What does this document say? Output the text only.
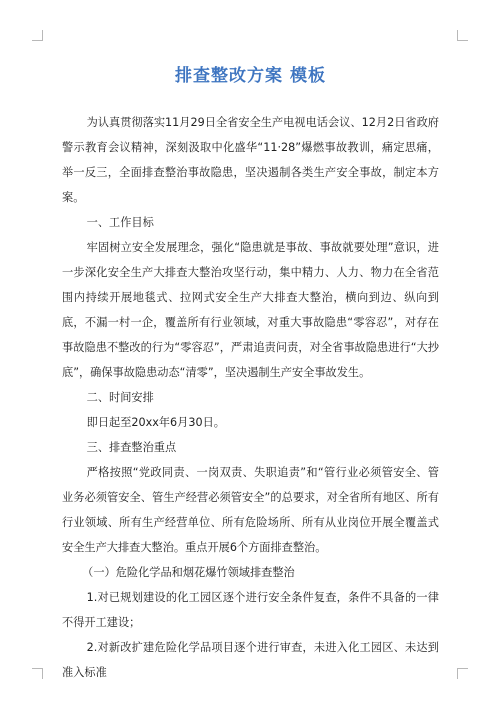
排查整改方案 模板

为认真贯彻落实11月29日全省安全生产电视电话会议、12月2日省政府警示教育会议精神，深刻汲取中化盛华“11·28”爆燃事故教训，痛定思痛，举一反三，全面排查整治事故隐患，坚决遏制各类生产安全事故，制定本方案。

一、工作目标

牢固树立安全发展理念，强化“隐患就是事故、事故就要处理”意识，进一步深化安全生产大排查大整治攻坚行动，集中精力、人力、物力在全省范围内持续开展地毯式、拉网式安全生产大排查大整治，横向到边、纵向到底，不漏一村一企，覆盖所有行业领域，对重大事故隐患“零容忍”，对存在事故隐患不整改的行为“零容忍”，严肃追责问责，对全省事故隐患进行“大抄底”，确保事故隐患动态“清零”，坚决遏制生产安全事故发生。

二、时间安排

即日起至20xx年6月30日。

三、排查整治重点

严格按照“党政同责、一岗双责、失职追责”和“管行业必须管安全、管业务必须管安全、管生产经营必须管安全”的总要求，对全省所有地区、所有行业领域、所有生产经营单位、所有危险场所、所有从业岗位开展全覆盖式安全生产大排查大整治。重点开展6个方面排查整治。

（一）危险化学品和烟花爆竹领域排查整治

1.对已规划建设的化工园区逐个进行安全条件复查，条件不具备的一律不得开工建设；

2.对新改扩建危险化学品项目逐个进行审查，未进入化工园区、未达到准入标准
